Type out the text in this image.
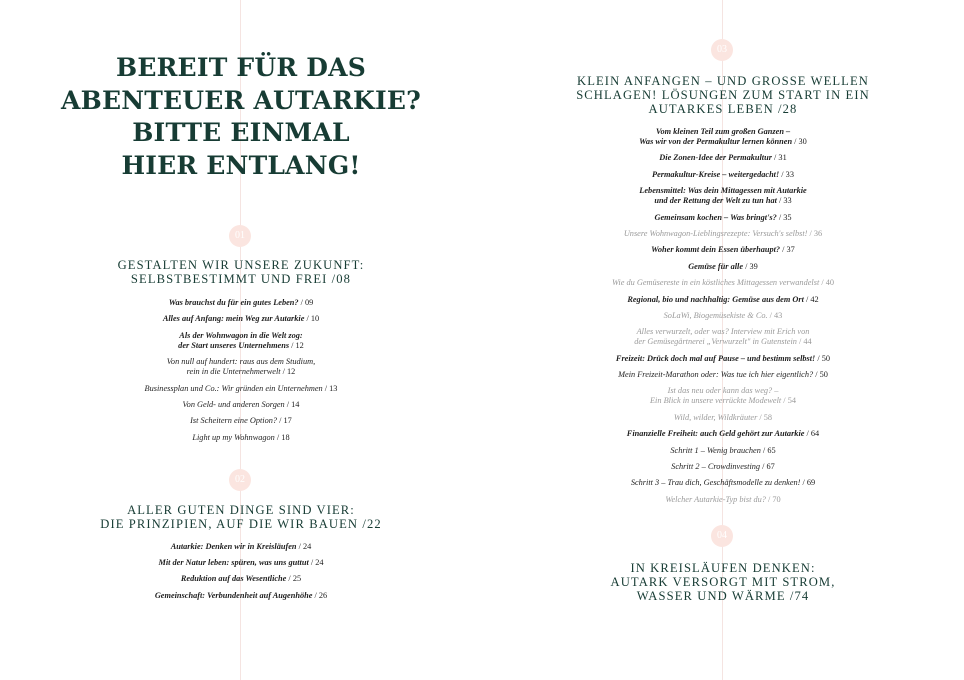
BEREIT FÜR DAS
ABENTEUER AUTARKIE?
BITTE EINMAL
HIER ENTLANG!
01
GESTALTEN WIR UNSERE ZUKUNFT:
SELBSTBESTIMMT UND FREI /08
Was brauchst du für ein gutes Leben? / 09
Alles auf Anfang: mein Weg zur Autarkie / 10
Als der Wohnwagon in die Welt zog:
der Start unseres Unternehmens / 12
Von null auf hundert: raus aus dem Studium,
rein in die Unternehmerwelt / 12
Businessplan und Co.: Wir gründen ein Unternehmen / 13
Von Geld- und anderen Sorgen / 14
Ist Scheitern eine Option? / 17
Light up my Wohnwagon / 18
02
ALLER GUTEN DINGE SIND VIER:
DIE PRINZIPIEN, AUF DIE WIR BAUEN /22
Autarkie: Denken wir in Kreisläufen / 24
Mit der Natur leben: spüren, was uns guttut / 24
Reduktion auf das Wesentliche / 25
Gemeinschaft: Verbundenheit auf Augenhöhe / 26
03
KLEIN ANFANGEN – UND GROSSE WELLEN
SCHLAGEN! LÖSUNGEN ZUM START IN EIN
AUTARKES LEBEN /28
Vom kleinen Teil zum großen Ganzen –
Was wir von der Permakultur lernen können / 30
Die Zonen-Idee der Permakultur / 31
Permakultur-Kreise – weitergedacht! / 33
Lebensmittel: Was dein Mittagessen mit Autarkie
und der Rettung der Welt zu tun hat / 33
Gemeinsam kochen – Was bringt's? / 35
Unsere Wohnwagon-Lieblingsrezepte: Versuch's selbst! / 36
Woher kommt dein Essen überhaupt? / 37
Gemüse für alle / 39
Wie du Gemüsereste in ein köstliches Mittagessen verwandelst / 40
Regional, bio und nachhaltig: Gemüse aus dem Ort / 42
SoLaWi, Biogemüsekiste & Co. / 43
Alles verwurzelt, oder was? Interview mit Erich von
der Gemüsegärtnerei „Verwurzelt" in Gutenstein / 44
Freizeit: Drück doch mal auf Pause – und bestimm selbst! / 50
Mein Freizeit-Marathon oder: Was tue ich hier eigentlich? / 50
Ist das neu oder kann das weg? –
Ein Blick in unsere verrückte Modewelt / 54
Wild, wilder, Wildkräuter / 58
Finanzielle Freiheit: auch Geld gehört zur Autarkie / 64
Schritt 1 – Wenig brauchen / 65
Schritt 2 – Crowdinvesting / 67
Schritt 3 – Trau dich, Geschäftsmodelle zu denken! / 69
Welcher Autarkie-Typ bist du? / 70
04
IN KREISLÄUFEN DENKEN:
AUTARK VERSORGT MIT STROM,
WASSER UND WÄRME /74
